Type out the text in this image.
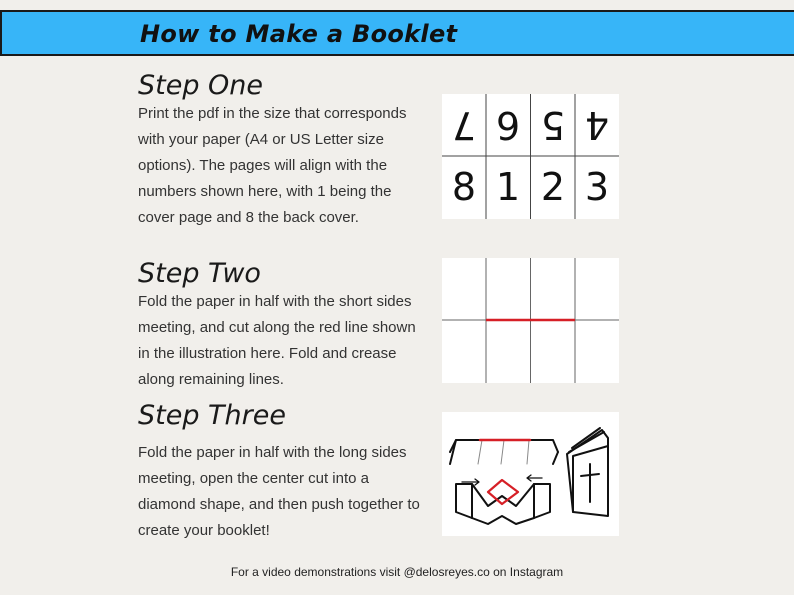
How to Make a Booklet
Step One
Print the pdf in the size that corresponds with your paper (A4 or US Letter size options). The pages will align with the numbers shown here, with 1 being the cover page and 8 the back cover.
7 6 5 4
8 1 2 3
Step Two
Fold the paper in half with the short sides meeting, and cut along the red line shown in the illustration here. Fold and crease along remaining lines.
Step Three
Fold the paper in half with the long sides meeting, open the center cut into a diamond shape, and then push together to create your booklet!
For a video demonstrations visit @delosreyes.co on Instagram
